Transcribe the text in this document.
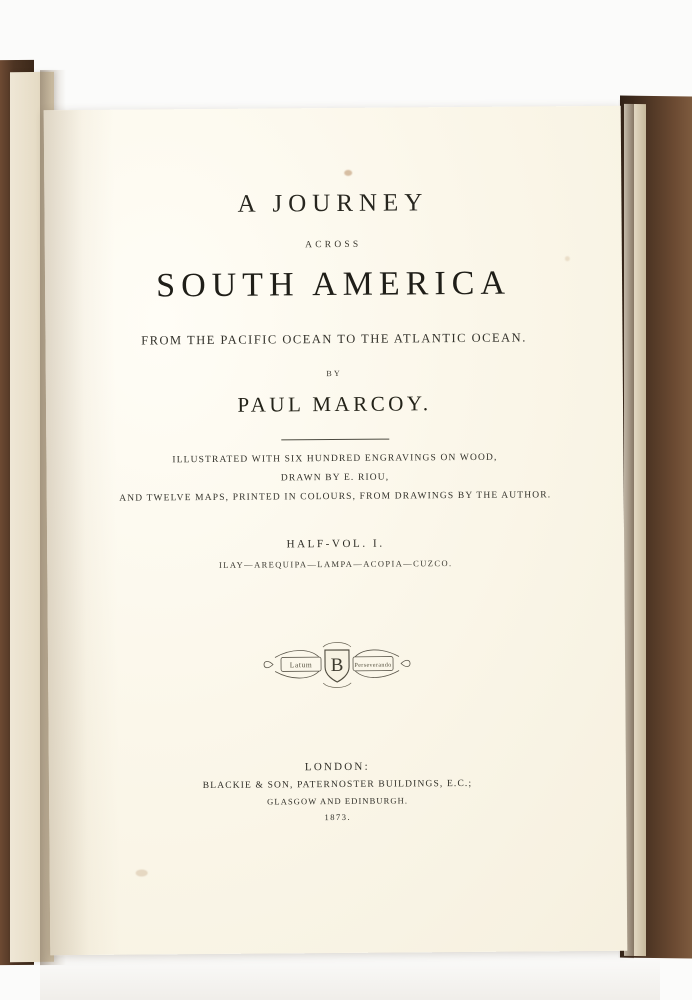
A JOURNEY
ACROSS
SOUTH AMERICA
FROM THE PACIFIC OCEAN TO THE ATLANTIC OCEAN.
BY
PAUL MARCOY.
ILLUSTRATED WITH SIX HUNDRED ENGRAVINGS ON WOOD,
DRAWN BY E. RIOU,
AND TWELVE MAPS, PRINTED IN COLOURS, FROM DRAWINGS BY THE AUTHOR.
HALF-VOL. I.
ILAY—AREQUIPA—LAMPA—ACOPIA—CUZCO.
Latum	Perseverando
B
LONDON:
BLACKIE & SON, PATERNOSTER BUILDINGS, E.C.;
GLASGOW AND EDINBURGH.
1873.
